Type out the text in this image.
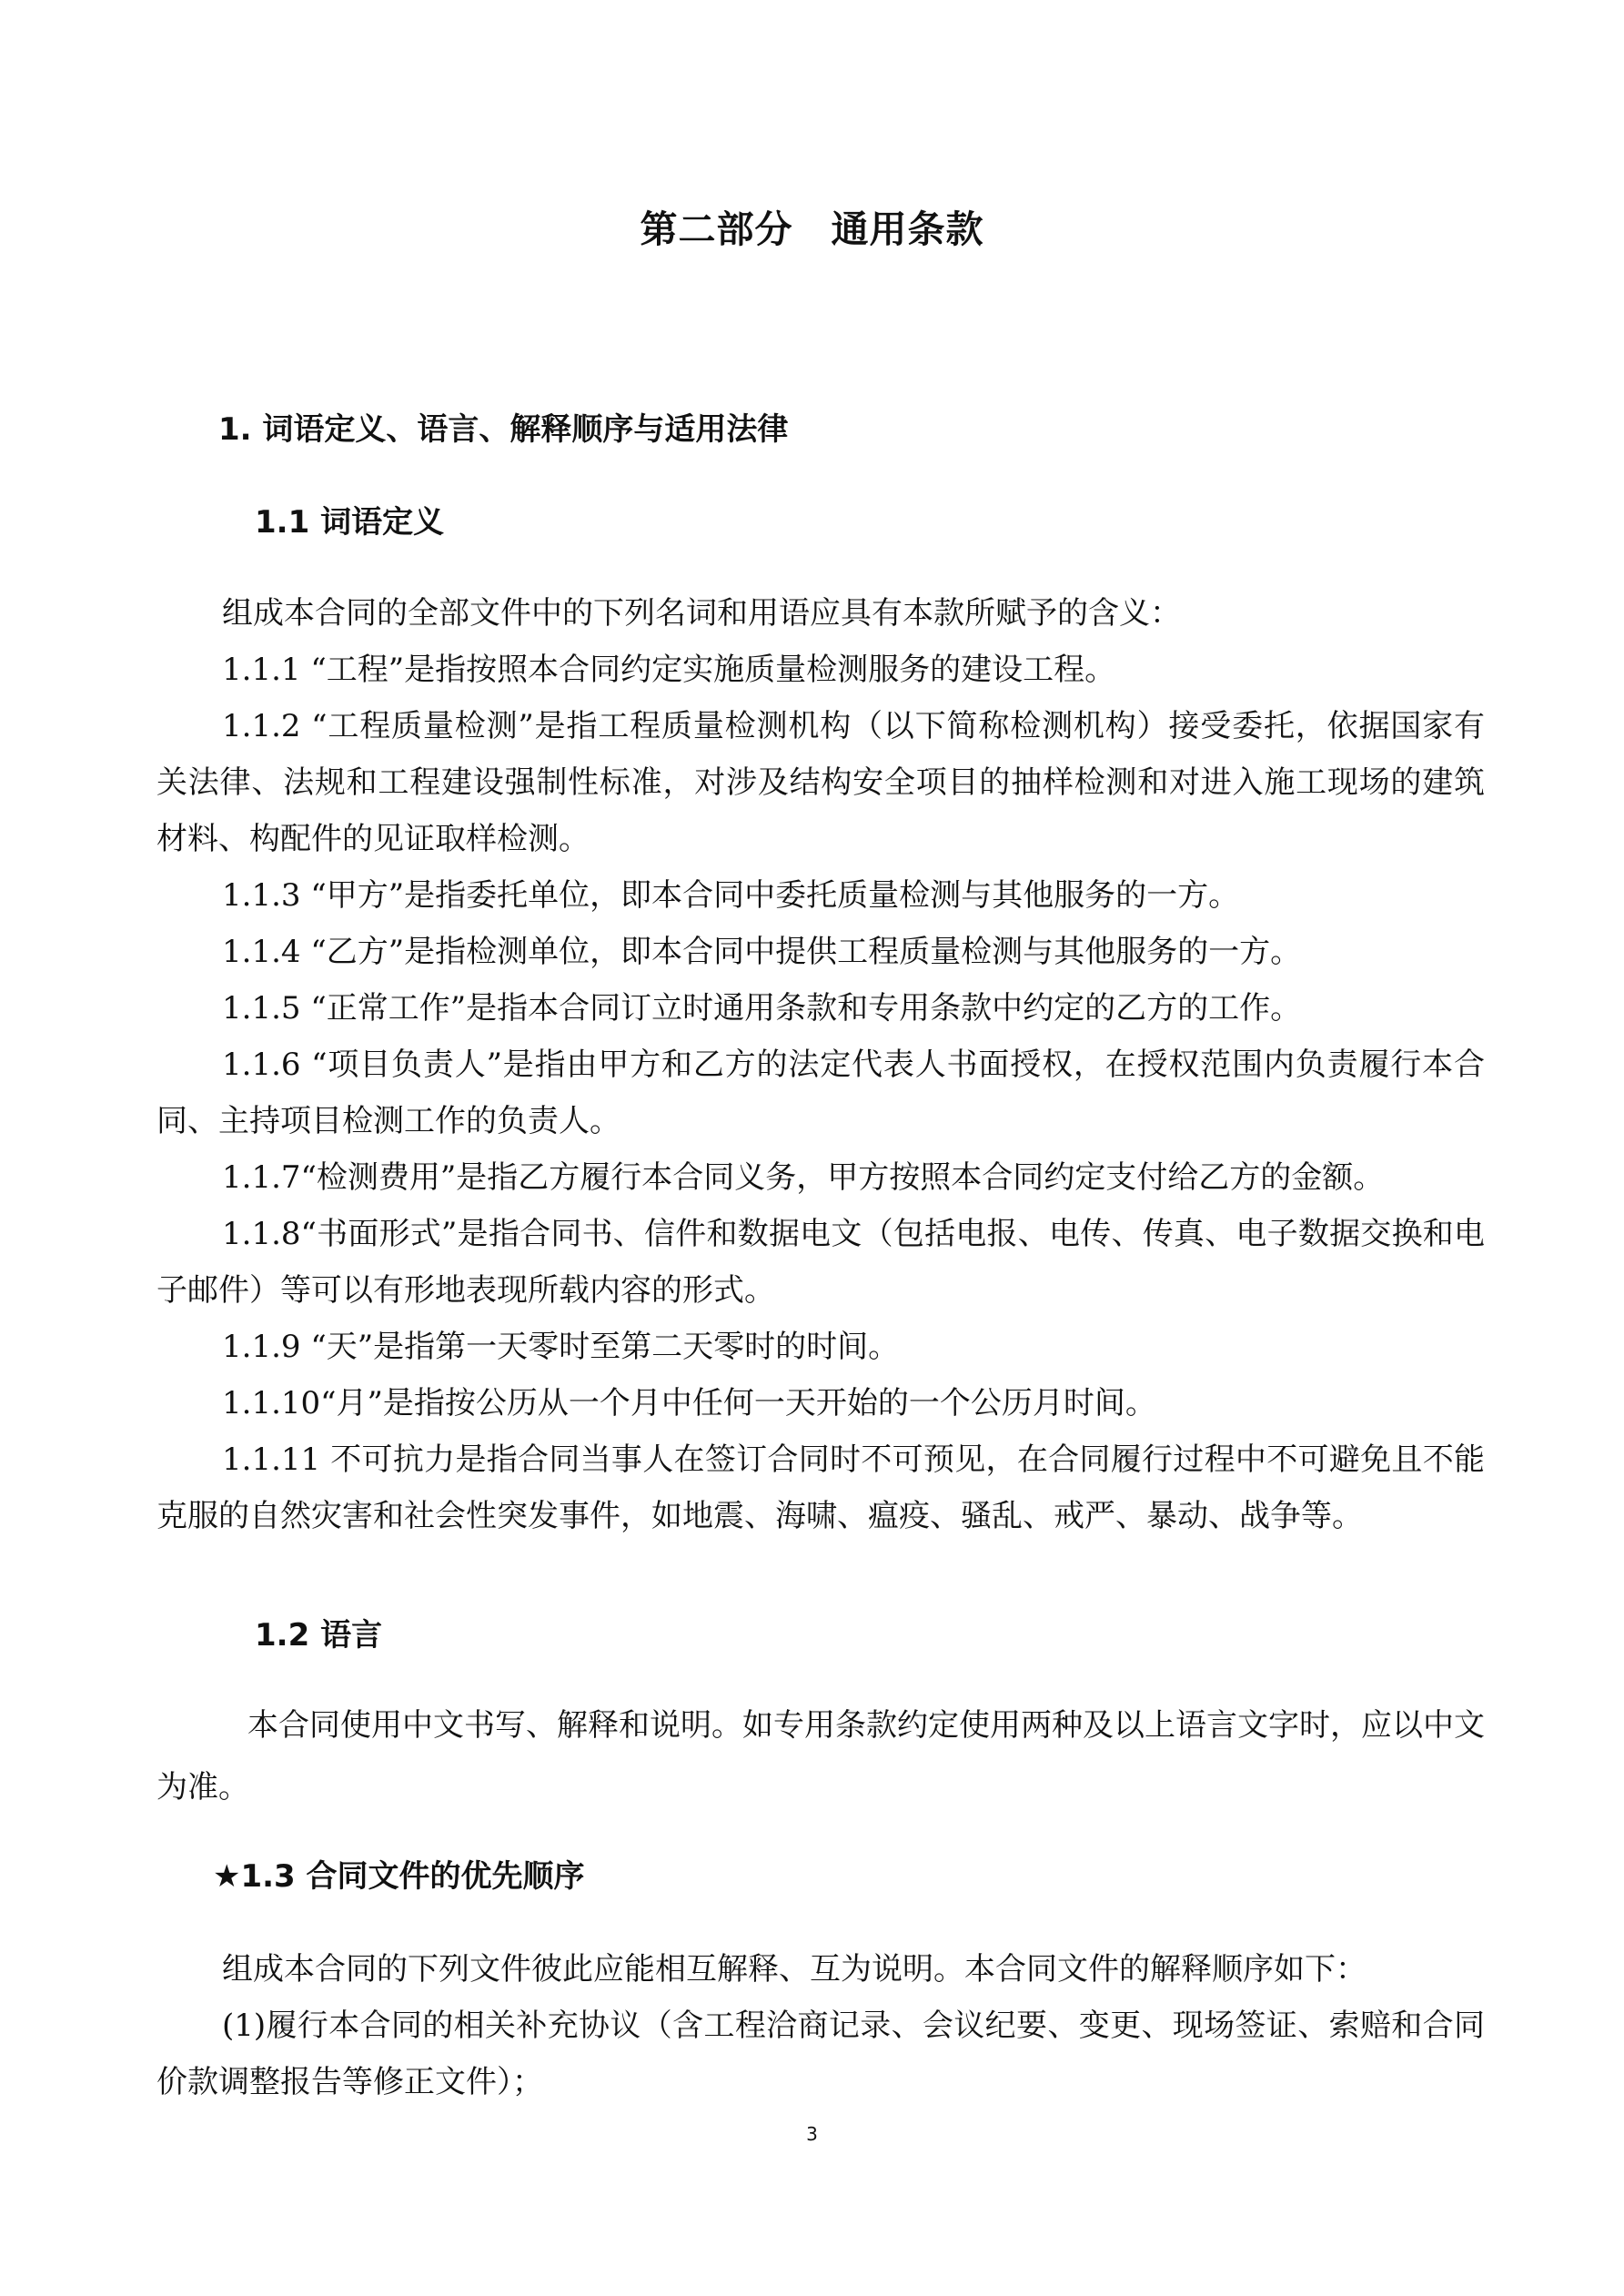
第二部分　通用条款
1. 词语定义、语言、解释顺序与适用法律
1.1 词语定义

组成本合同的全部文件中的下列名词和用语应具有本款所赋予的含义：

1.1.1 “工程”是指按照本合同约定实施质量检测服务的建设工程。

1.1.2 “工程质量检测”是指工程质量检测机构（以下简称检测机构）接受委托，依据国家有关法律、法规和工程建设强制性标准，对涉及结构安全项目的抽样检测和对进入施工现场的建筑材料、构配件的见证取样检测。

1.1.3 “甲方”是指委托单位，即本合同中委托质量检测与其他服务的一方。

1.1.4 “乙方”是指检测单位，即本合同中提供工程质量检测与其他服务的一方。

1.1.5 “正常工作”是指本合同订立时通用条款和专用条款中约定的乙方的工作。

1.1.6 “项目负责人”是指由甲方和乙方的法定代表人书面授权，在授权范围内负责履行本合同、主持项目检测工作的负责人。

1.1.7“检测费用”是指乙方履行本合同义务，甲方按照本合同约定支付给乙方的金额。

1.1.8“书面形式”是指合同书、信件和数据电文（包括电报、电传、传真、电子数据交换和电子邮件）等可以有形地表现所载内容的形式。

1.1.9 “天”是指第一天零时至第二天零时的时间。

1.1.10“月”是指按公历从一个月中任何一天开始的一个公历月时间。

1.1.11 不可抗力是指合同当事人在签订合同时不可预见，在合同履行过程中不可避免且不能克服的自然灾害和社会性突发事件，如地震、海啸、瘟疫、骚乱、戒严、暴动、战争等。

1.2 语言

本合同使用中文书写、解释和说明。如专用条款约定使用两种及以上语言文字时，应以中文为准。

★1.3 合同文件的优先顺序

组成本合同的下列文件彼此应能相互解释、互为说明。本合同文件的解释顺序如下：

(1)履行本合同的相关补充协议（含工程洽商记录、会议纪要、变更、现场签证、索赔和合同价款调整报告等修正文件）；

3
